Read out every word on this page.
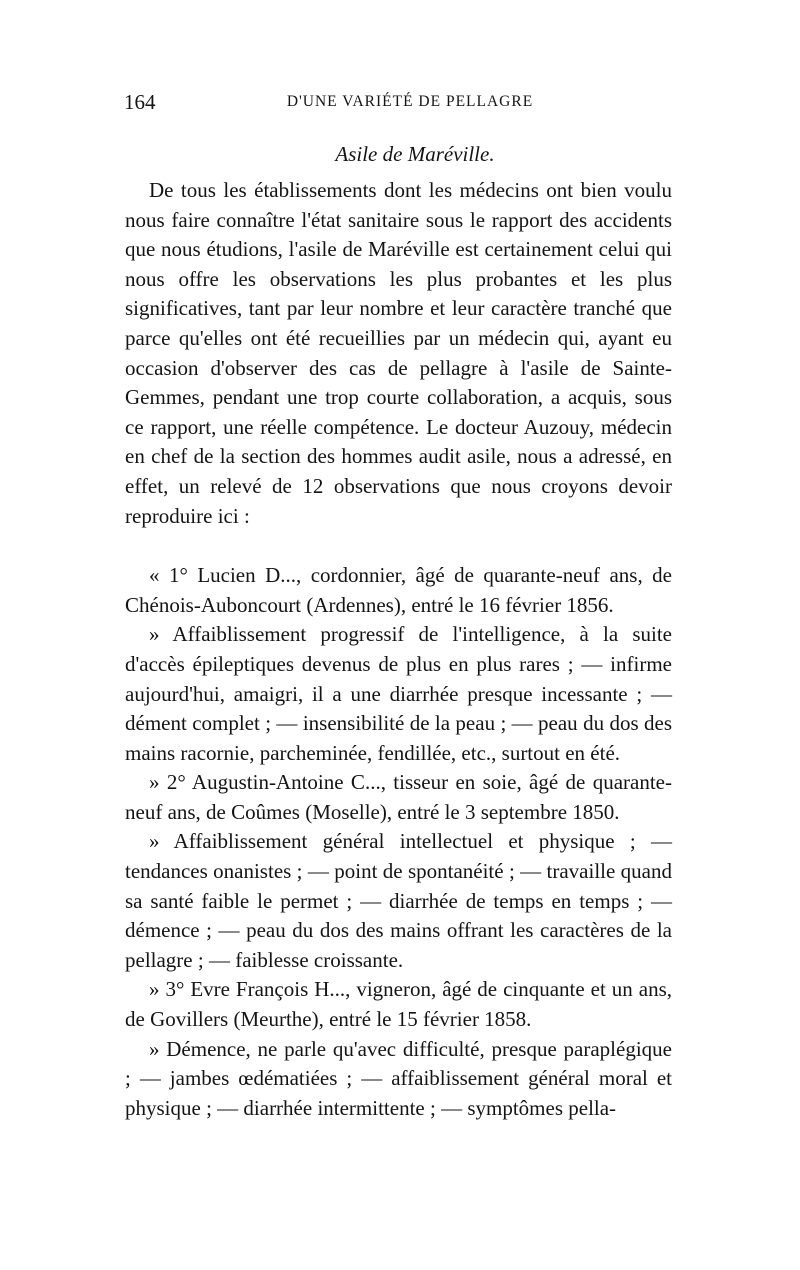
164	D'UNE VARIÉTÉ DE PELLAGRE
Asile de Maréville.

De tous les établissements dont les médecins ont bien voulu nous faire connaître l'état sanitaire sous le rapport des accidents que nous étudions, l'asile de Maréville est certainement celui qui nous offre les observations les plus probantes et les plus significatives, tant par leur nombre et leur caractère tranché que parce qu'elles ont été recueillies par un médecin qui, ayant eu occasion d'observer des cas de pellagre à l'asile de Sainte-Gemmes, pendant une trop courte collaboration, a acquis, sous ce rapport, une réelle compétence. Le docteur Auzouy, médecin en chef de la section des hommes audit asile, nous a adressé, en effet, un relevé de 12 observations que nous croyons devoir reproduire ici :

« 1° Lucien D..., cordonnier, âgé de quarante-neuf ans, de Chénois-Auboncourt (Ardennes), entré le 16 février 1856.

» Affaiblissement progressif de l'intelligence, à la suite d'accès épileptiques devenus de plus en plus rares ; — infirme aujourd'hui, amaigri, il a une diarrhée presque incessante ; — dément complet ; — insensibilité de la peau ; — peau du dos des mains racornie, parcheminée, fendillée, etc., surtout en été.

» 2° Augustin-Antoine C..., tisseur en soie, âgé de quarante-neuf ans, de Coûmes (Moselle), entré le 3 septembre 1850.

» Affaiblissement général intellectuel et physique ; — tendances onanistes ; — point de spontanéité ; — travaille quand sa santé faible le permet ; — diarrhée de temps en temps ; — démence ; — peau du dos des mains offrant les caractères de la pellagre ; — faiblesse croissante.

» 3° Evre François H..., vigneron, âgé de cinquante et un ans, de Govillers (Meurthe), entré le 15 février 1858.

» Démence, ne parle qu'avec difficulté, presque paraplégique ; — jambes œdématiées ; — affaiblissement général moral et physique ; — diarrhée intermittente ; — symptômes pella-
